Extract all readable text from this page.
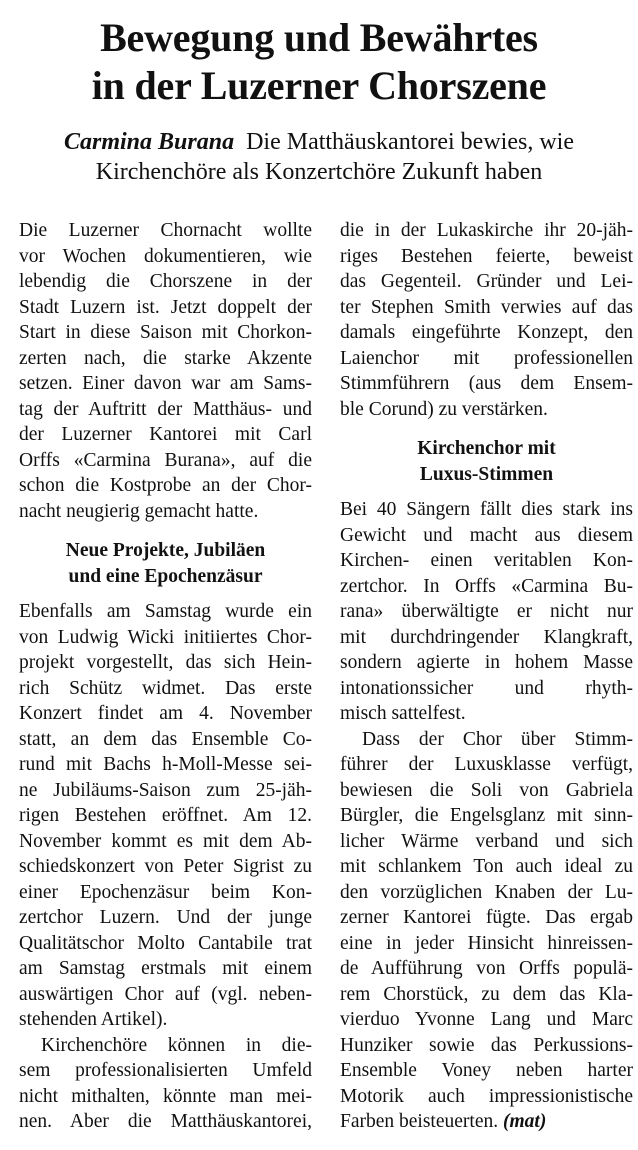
Bewegung und Bewährtes
in der Luzerner Chorszene
Carmina Burana Die Matthäuskantorei bewies, wie
Kirchenchöre als Konzertchöre Zukunft haben
Die Luzerner Chornacht wollte
vor Wochen dokumentieren, wie
lebendig die Chorszene in der
Stadt Luzern ist. Jetzt doppelt der
Start in diese Saison mit Chorkon-
zerten nach, die starke Akzente
setzen. Einer davon war am Sams-
tag der Auftritt der Matthäus- und
der Luzerner Kantorei mit Carl
Orffs «Carmina Burana», auf die
schon die Kostprobe an der Chor-
nacht neugierig gemacht hatte.
Neue Projekte, Jubiläen
und eine Epochenzäsur
Ebenfalls am Samstag wurde ein
von Ludwig Wicki initiiertes Chor-
projekt vorgestellt, das sich Hein-
rich Schütz widmet. Das erste
Konzert findet am 4. November
statt, an dem das Ensemble Co-
rund mit Bachs h-Moll-Messe sei-
ne Jubiläums-Saison zum 25-jäh-
rigen Bestehen eröffnet. Am 12.
November kommt es mit dem Ab-
schiedskonzert von Peter Sigrist zu
einer Epochenzäsur beim Kon-
zertchor Luzern. Und der junge
Qualitätschor Molto Cantabile trat
am Samstag erstmals mit einem
auswärtigen Chor auf (vgl. neben-
stehenden Artikel).
Kirchenchöre können in die-
sem professionalisierten Umfeld
nicht mithalten, könnte man mei-
nen. Aber die Matthäuskantorei,
die in der Lukaskirche ihr 20-jäh-
riges Bestehen feierte, beweist
das Gegenteil. Gründer und Lei-
ter Stephen Smith verwies auf das
damals eingeführte Konzept, den
Laienchor mit professionellen
Stimmführern (aus dem Ensem-
ble Corund) zu verstärken.
Kirchenchor mit
Luxus-Stimmen
Bei 40 Sängern fällt dies stark ins
Gewicht und macht aus diesem
Kirchen- einen veritablen Kon-
zertchor. In Orffs «Carmina Bu-
rana» überwältigte er nicht nur
mit durchdringender Klangkraft,
sondern agierte in hohem Masse
intonationssicher und rhyth-
misch sattelfest.
Dass der Chor über Stimm-
führer der Luxusklasse verfügt,
bewiesen die Soli von Gabriela
Bürgler, die Engelsglanz mit sinn-
licher Wärme verband und sich
mit schlankem Ton auch ideal zu
den vorzüglichen Knaben der Lu-
zerner Kantorei fügte. Das ergab
eine in jeder Hinsicht hinreissen-
de Aufführung von Orffs populä-
rem Chorstück, zu dem das Kla-
vierduo Yvonne Lang und Marc
Hunziker sowie das Perkussions-
Ensemble Voney neben harter
Motorik auch impressionistische
Farben beisteuerten. (mat)
